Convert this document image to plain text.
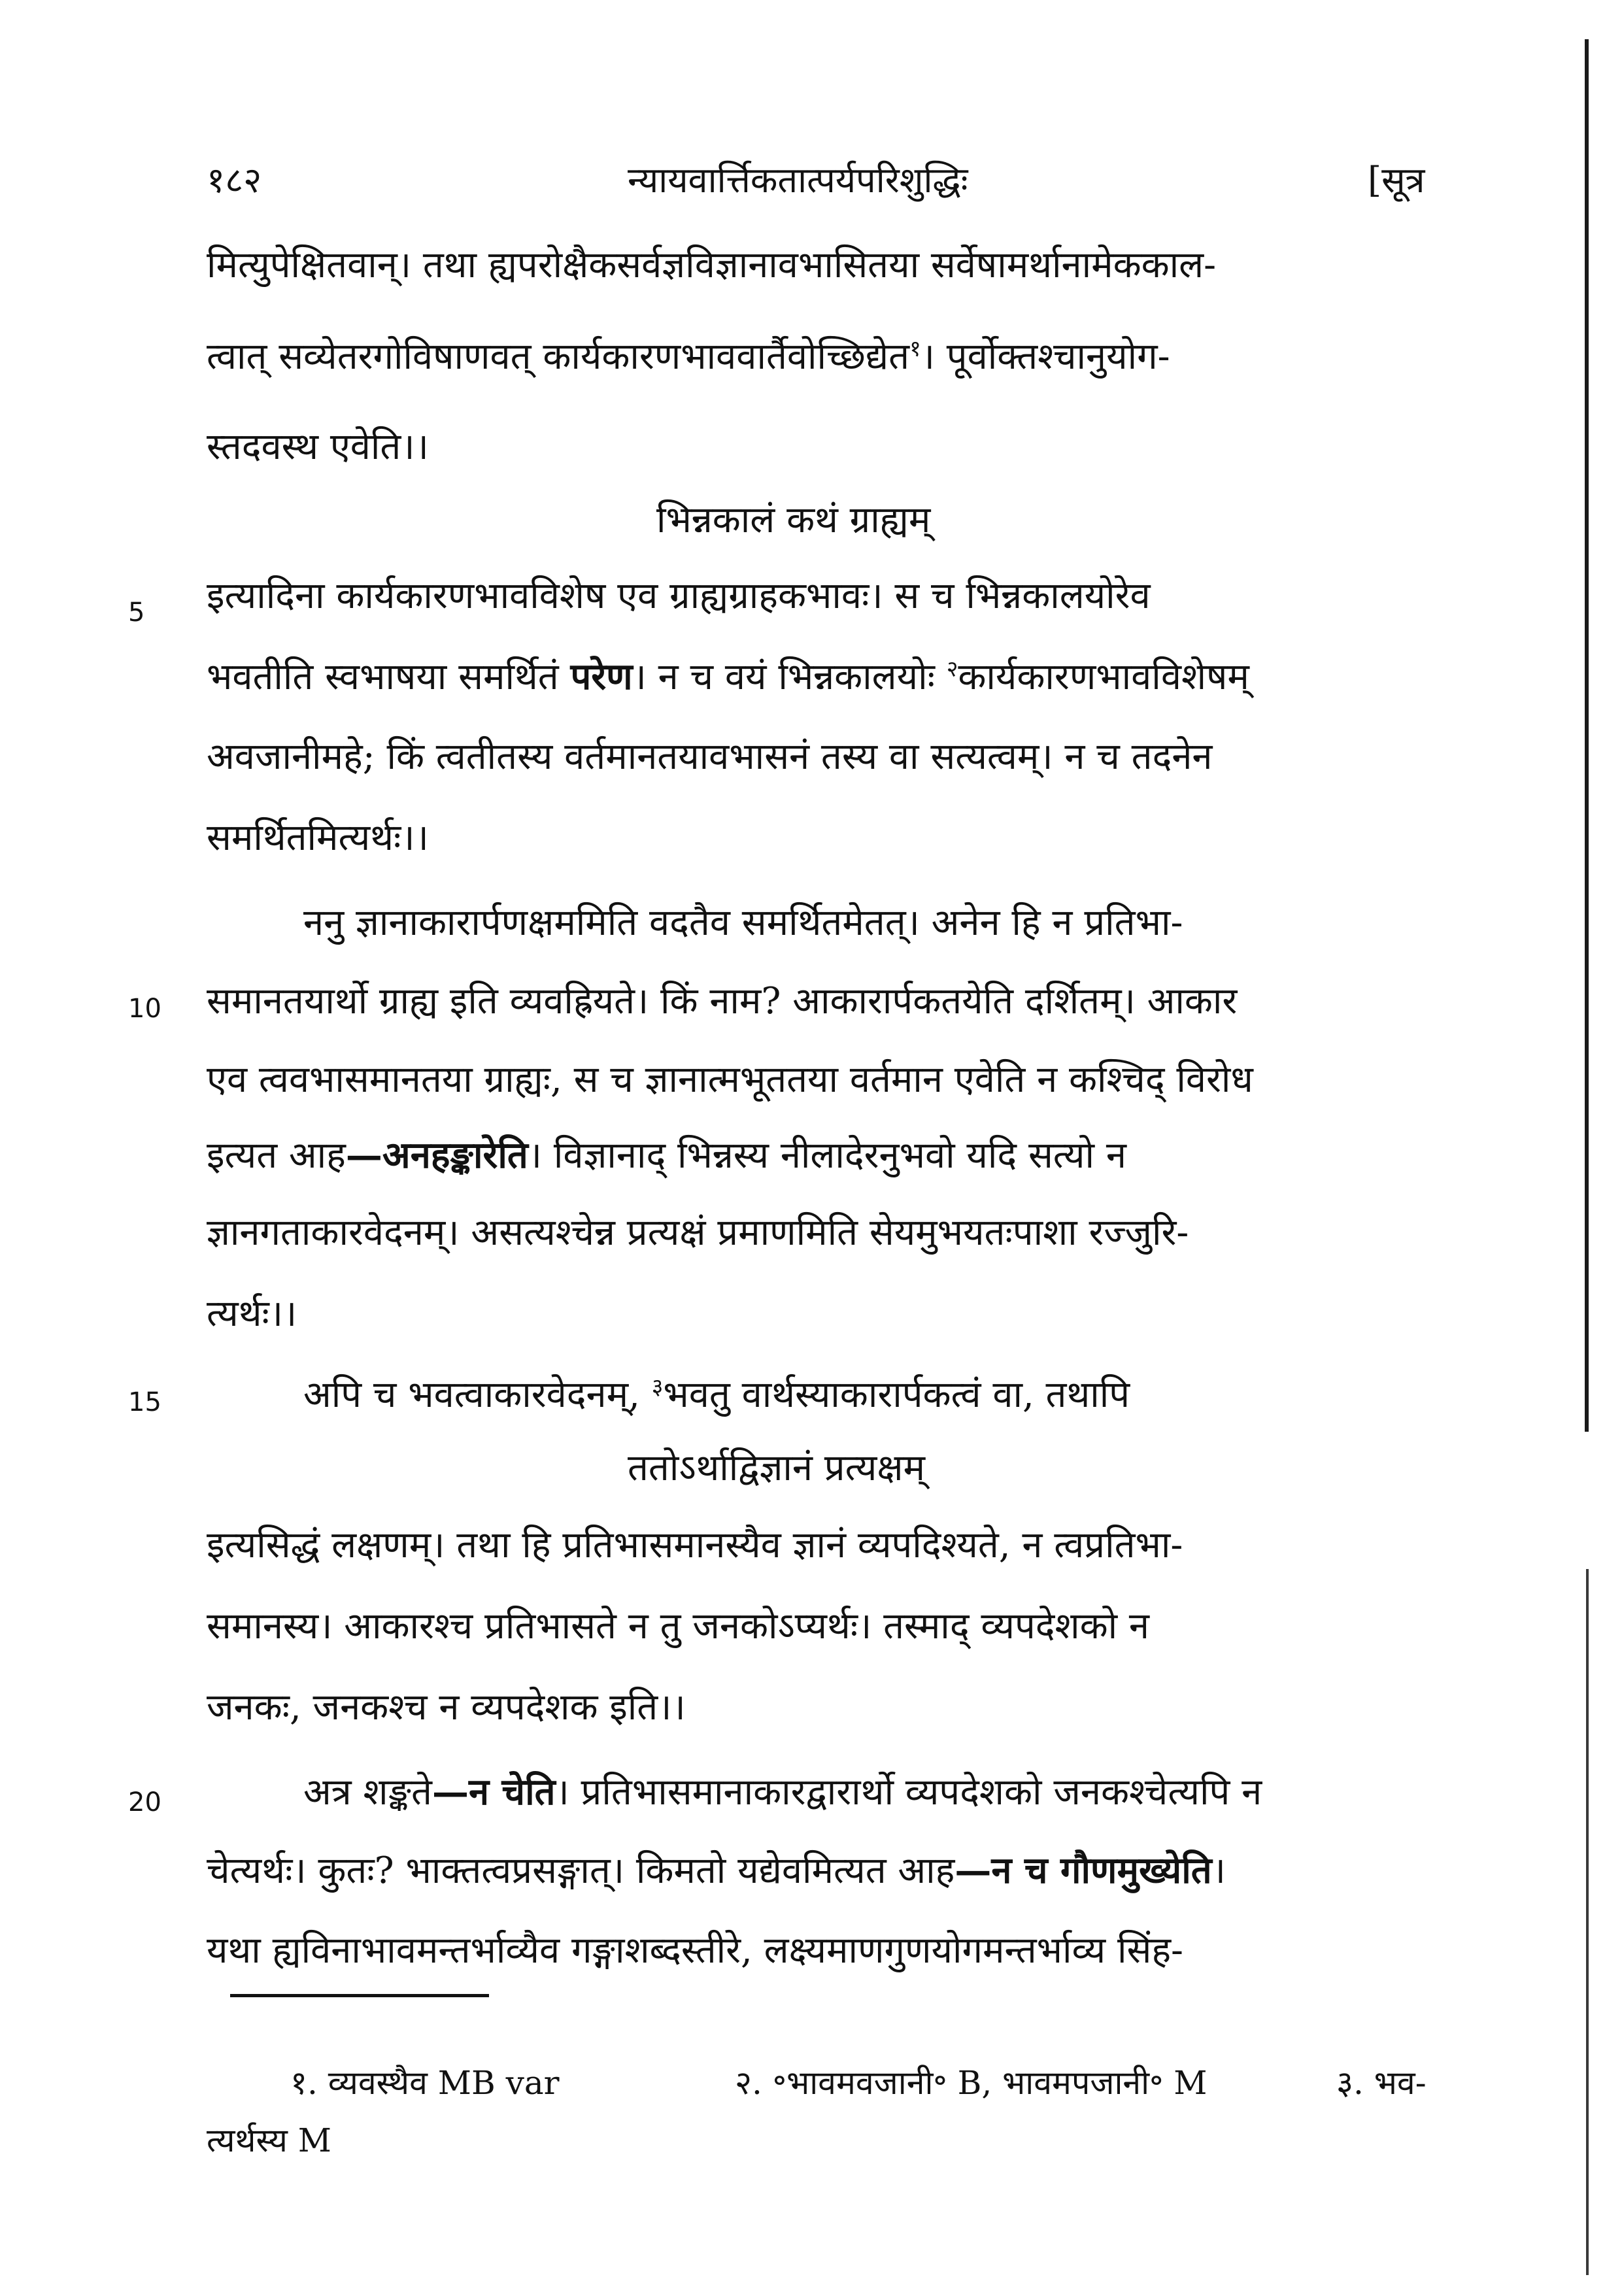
१८२	न्यायवार्त्तिकतात्पर्यपरिशुद्धिः	[सूत्र
मित्युपेक्षितवान्। तथा ह्यपरोक्षैकसर्वज्ञविज्ञानावभासितया सर्वेषामर्थानामेककाल-
त्वात् सव्येतरगोविषाणवत् कार्यकारणभाववार्तैवोच्छिद्येत$^१$। पूर्वोक्तश्चानुयोग-
स्तदवस्थ एवेति।।
भिन्नकालं कथं ग्राह्यम्
इत्यादिना कार्यकारणभावविशेष एव ग्राह्यग्राहकभावः। स च भिन्नकालयोरेव
भवतीति स्वभाषया समर्थितं परेण। न च वयं भिन्नकालयोः $^२$कार्यकारणभावविशेषम्
अवजानीमहे; किं त्वतीतस्य वर्तमानतयावभासनं तस्य वा सत्यत्वम्। न च तदनेन
समर्थितमित्यर्थः।।
ननु ज्ञानाकारार्पणक्षममिति वदतैव समर्थितमेतत्। अनेन हि न प्रतिभा-
समानतयार्थो ग्राह्य इति व्यवह्रियते। किं नाम? आकारार्पकतयेति दर्शितम्। आकार
एव त्ववभासमानतया ग्राह्यः, स च ज्ञानात्मभूततया वर्तमान एवेति न कश्चिद् विरोध
इत्यत आह—अनहङ्कारेति। विज्ञानाद् भिन्नस्य नीलादेरनुभवो यदि सत्यो न
ज्ञानगताकारवेदनम्। असत्यश्चेन्न प्रत्यक्षं प्रमाणमिति सेयमुभयतःपाशा रज्जुरि-
त्यर्थः।।
अपि च भवत्वाकारवेदनम्, $^३$भवतु वार्थस्याकारार्पकत्वं वा, तथापि
ततोऽर्थाद्विज्ञानं प्रत्यक्षम्
इत्यसिद्धं लक्षणम्। तथा हि प्रतिभासमानस्यैव ज्ञानं व्यपदिश्यते, न त्वप्रतिभा-
समानस्य। आकारश्च प्रतिभासते न तु जनकोऽप्यर्थः। तस्माद् व्यपदेशको न
जनकः, जनकश्च न व्यपदेशक इति।।
अत्र शङ्कते—न चेति। प्रतिभासमानाकारद्वारार्थो व्यपदेशको जनकश्चेत्यपि न
चेत्यर्थः। कुतः? भाक्तत्वप्रसङ्गात्। किमतो यद्येवमित्यत आह—न च गौणमुख्येति।
यथा ह्यविनाभावमन्तर्भाव्यैव गङ्गाशब्दस्तीरे, लक्ष्यमाणगुणयोगमन्तर्भाव्य सिंह-
5
10
15
20
१. व्यवस्थैव MB var	२. ॰भावमवजानी॰ B, भावमपजानी॰ M	३. भव-
त्यर्थस्य M
